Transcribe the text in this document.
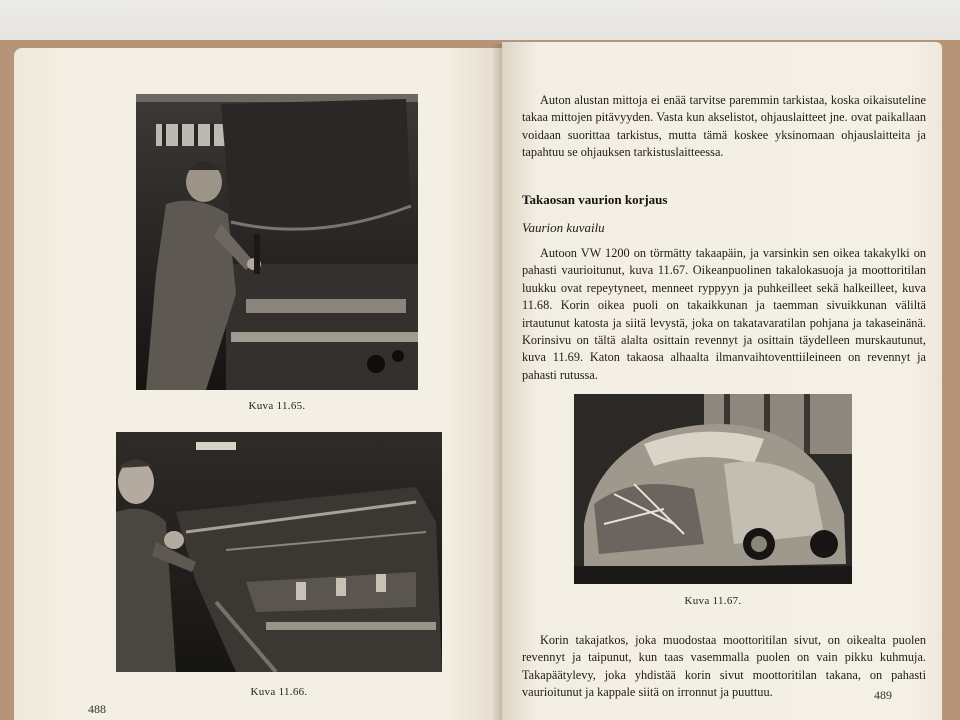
Kuva 11.65.
Kuva 11.66.
488

Auton alustan mittoja ei enää tarvitse paremmin tarkistaa, koska oikaisuteline takaa mittojen pitävyyden. Vasta kun akselistot, ohjauslaitteet jne. ovat paikallaan voidaan suorittaa tarkistus, mutta tämä koskee yksinomaan ohjauslaitteita ja tapahtuu se ohjauksen tarkistuslaitteessa.

Takaosan vaurion korjaus
Vaurion kuvailu

Autoon VW 1200 on törmätty takaapäin, ja varsinkin sen oikea takakylki on pahasti vaurioitunut, kuva 11.67. Oikeanpuolinen takalokasuoja ja moottoritilan luukku ovat repeytyneet, menneet ryppyyn ja puhkeilleet sekä halkeilleet, kuva 11.68. Korin oikea puoli on takaikkunan ja taemman sivuikkunan väliltä irtautunut katosta ja siitä levystä, joka on takatavaratilan pohjana ja takaseinänä. Korinsivu on tältä alalta osittain revennyt ja osittain täydelleen murskautunut, kuva 11.69. Katon takaosa alhaalta ilmanvaihtoventtiileineen on revennyt ja pahasti rutussa.

Kuva 11.67.

Korin takajatkos, joka muodostaa moottoritilan sivut, on oikealta puolen revennyt ja taipunut, kun taas vasemmalla puolen on vain pikku kuhmuja. Takapäätylevy, joka yhdistää korin sivut moottoritilan takana, on pahasti vaurioitunut ja kappale siitä on irronnut ja puuttuu.	489
